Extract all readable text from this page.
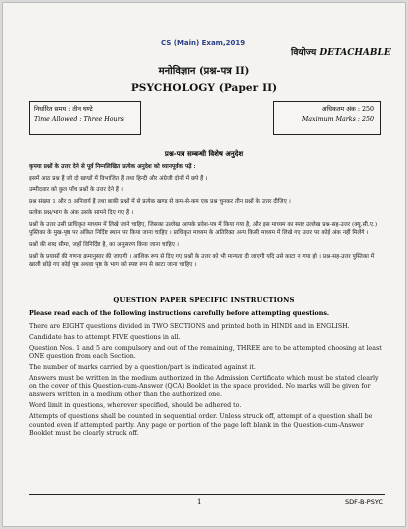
CS (Main) Exam,2019
वियोज्य DETACHABLE
मनोविज्ञान (प्रश्न-पत्र II)
PSYCHOLOGY (Paper II)
निर्धारित समय : तीन घण्टे
Time Allowed : Three Hours
अधिकतम अंक : 250
Maximum Marks : 250
प्रश्न-पत्र सम्बन्धी विशेष अनुदेश

कृपया प्रश्नों के उत्तर देने से पूर्व निम्नलिखित प्रत्येक अनुदेश को ध्यानपूर्वक पढ़ें :

इसमें आठ प्रश्न हैं जो दो खण्डों में विभाजित हैं तथा हिन्दी और अंग्रेजी दोनों में छपे हैं ।

उम्मीदवार को कुल पाँच प्रश्नों के उत्तर देने हैं ।

प्रश्न संख्या 1 और 5 अनिवार्य हैं तथा बाकी प्रश्नों में से प्रत्येक खण्ड से कम-से-कम एक प्रश्न चुनकर तीन प्रश्नों के उत्तर दीजिए ।

प्रत्येक प्रश्न/भाग के अंक उसके सामने दिए गए हैं ।

प्रश्नों के उत्तर उसी प्राधिकृत माध्यम में लिखे जाने चाहिए, जिसका उल्लेख आपके प्रवेश-पत्र में किया गया है, और इस माध्यम का स्पष्ट उल्लेख प्रश्न-सह-उत्तर (क्यू.सी.ए.) पुस्तिका के मुख-पृष्ठ पर अंकित निर्दिष्ट स्थान पर किया जाना चाहिए । प्राधिकृत माध्यम के अतिरिक्त अन्य किसी माध्यम में लिखे गए उत्तर पर कोई अंक नहीं मिलेंगे ।

प्रश्नों की शब्द सीमा, जहाँ विनिर्दिष्ट है, का अनुसरण किया जाना चाहिए ।

प्रश्नों के प्रयासों की गणना क्रमानुसार की जाएगी । आंशिक रूप से दिए गए प्रश्नों के उत्तर को भी मान्यता दी जाएगी यदि उसे काटा न गया हो । प्रश्न-सह-उत्तर पुस्तिका में खाली छोड़े गए कोई पृष्ठ अथवा पृष्ठ के भाग को स्पष्ट रूप से काटा जाना चाहिए ।

QUESTION PAPER SPECIFIC INSTRUCTIONS
Please read each of the following instructions carefully before attempting questions.

There are EIGHT questions divided in TWO SECTIONS and printed both in HINDI and in ENGLISH.

Candidate has to attempt FIVE questions in all.

Question Nos. 1 and 5 are compulsory and out of the remaining, THREE are to be attempted choosing at least ONE question from each Section.

The number of marks carried by a question/part is indicated against it.

Answers must be written in the medium authorized in the Admission Certificate which must be stated clearly on the cover of this Question-cum-Answer (QCA) Booklet in the space provided. No marks will be given for answers written in a medium other than the authorized one.

Word limit in questions, wherever specified, should be adhered to.

Attempts of questions shall be counted in sequential order. Unless struck off, attempt of a question shall be counted even if attempted partly. Any page or portion of the page left blank in the Question-cum-Answer Booklet must be clearly struck off.

1	SDF-B-PSYC
